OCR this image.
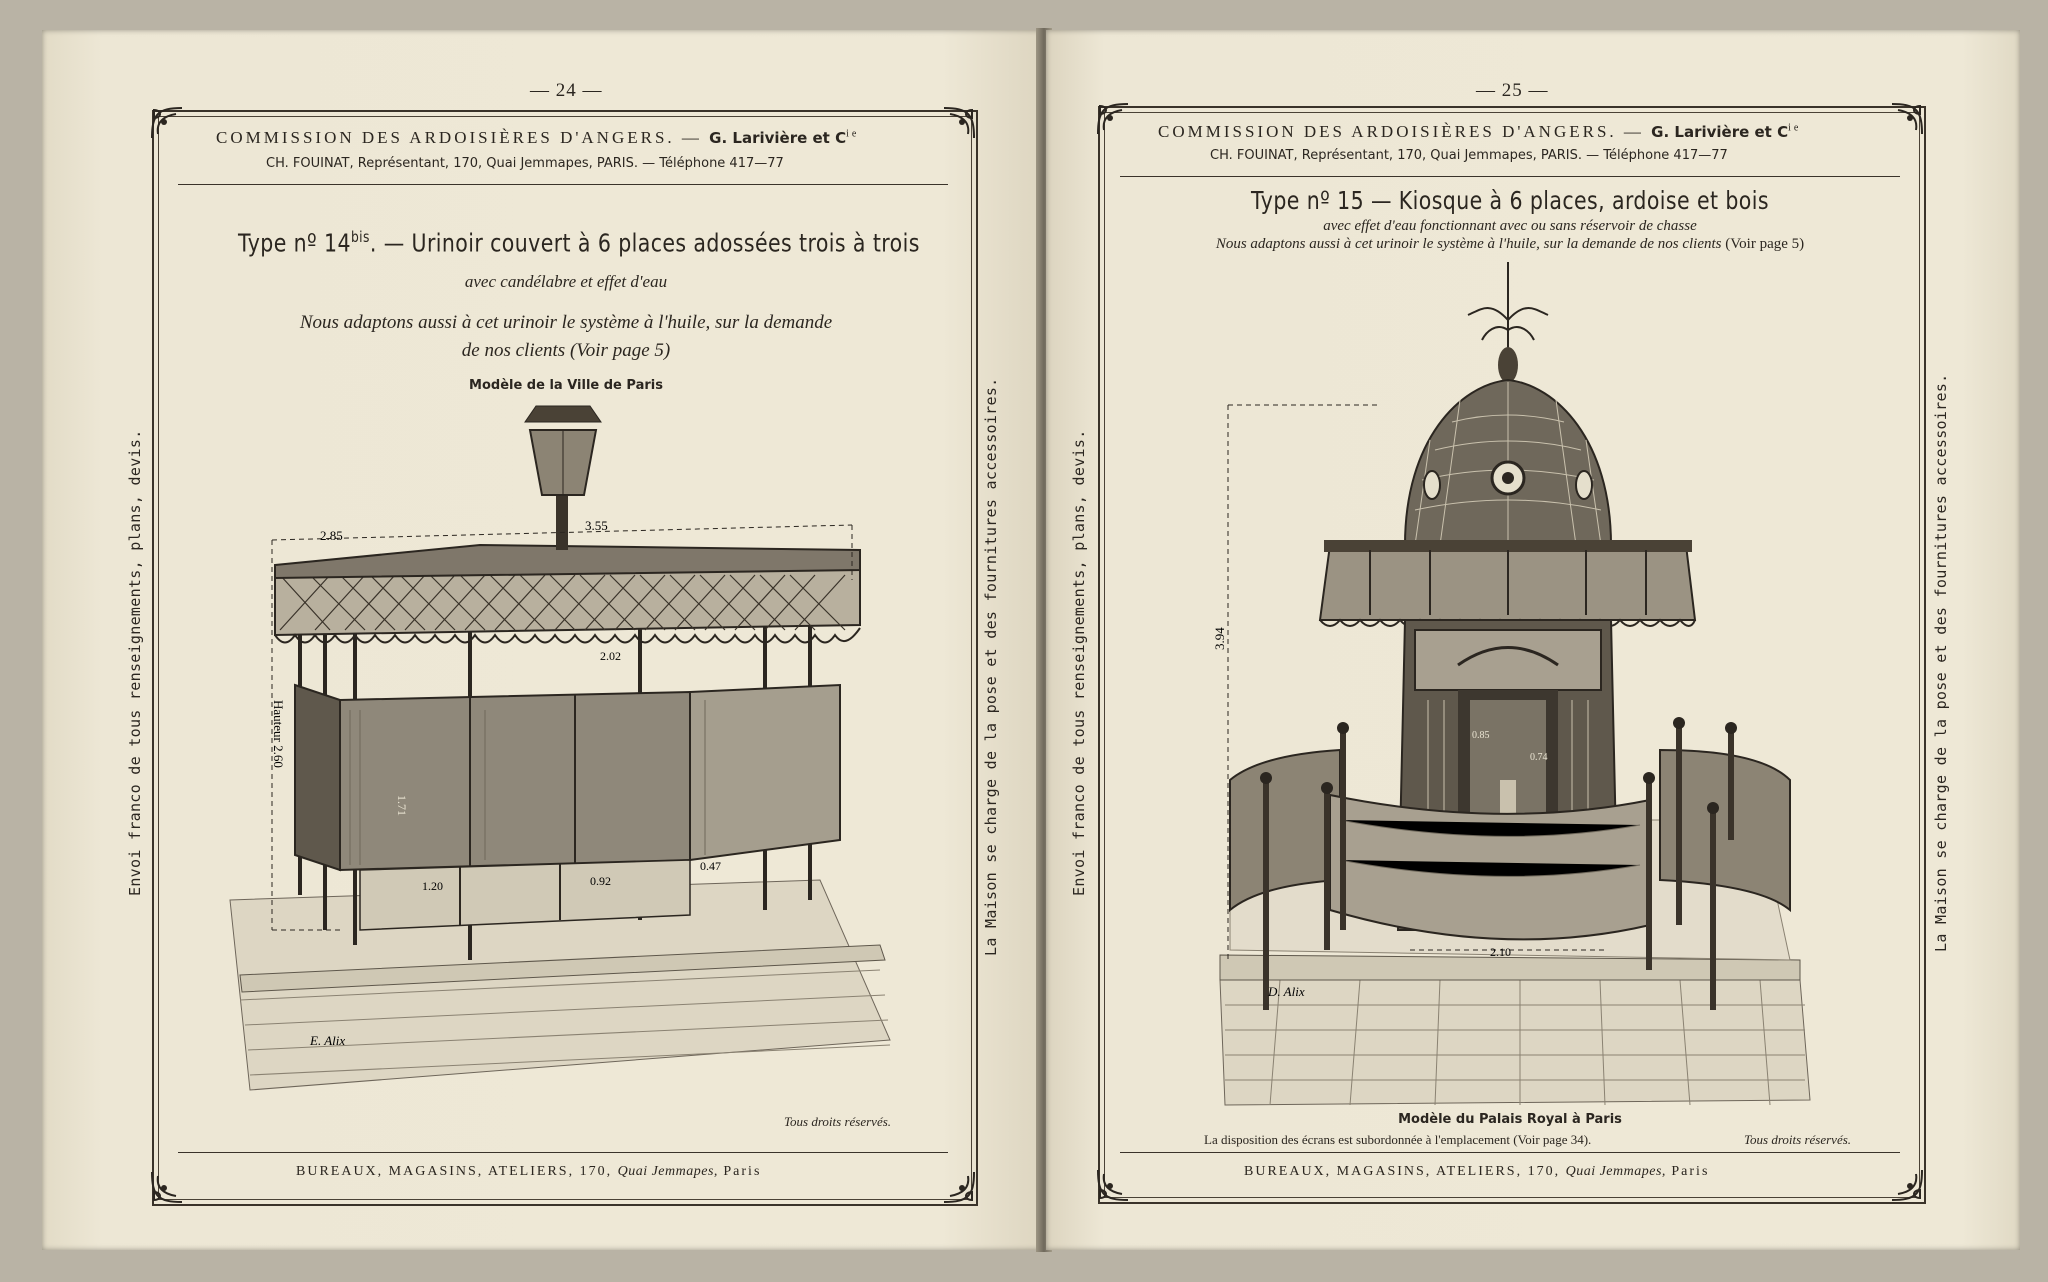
— 24 —
COMMISSION DES ARDOISIÈRES D'ANGERS. — G. Larivière et $C^{ie}$
CH. FOUINAT, Représentant, 170, Quai Jemmapes, PARIS. — Téléphone 417—77
Type nº $14^{bis}$. — Urinoir couvert à 6 places adossées trois à trois
avec candélabre et effet d'eau
Nous adaptons aussi à cet urinoir le système à l'huile, sur la demande
de nos clients (Voir page 5)
Modèle de la Ville de Paris
2.85
3.55
2.02
Hauteur 2.60
1.71
1.20	0.92
0.47
E. Alix
Tous droits réservés.
BUREAUX, MAGASINS, ATELIERS, 170, Quai Jemmapes, Paris
Envoi franco de tous renseignements, plans, devis.	La Maison se charge de la pose et des fournitures accessoires.
— 25 —
COMMISSION DES ARDOISIÈRES D'ANGERS. — G. Larivière et $C^{ie}$
CH. FOUINAT, Représentant, 170, Quai Jemmapes, PARIS. — Téléphone 417—77
Type nº 15 — Kiosque à 6 places, ardoise et bois
avec effet d'eau fonctionnant avec ou sans réservoir de chasse
Nous adaptons aussi à cet urinoir le système à l'huile, sur la demande de nos clients (Voir page 5)
3.94
2.10
0.85
0.74
D. Alix
Modèle du Palais Royal à Paris
La disposition des écrans est subordonnée à l'emplacement (Voir page 34).	Tous droits réservés.
BUREAUX, MAGASINS, ATELIERS, 170, Quai Jemmapes, Paris
Envoi franco de tous renseignements, plans, devis.	La Maison se charge de la pose et des fournitures accessoires.
